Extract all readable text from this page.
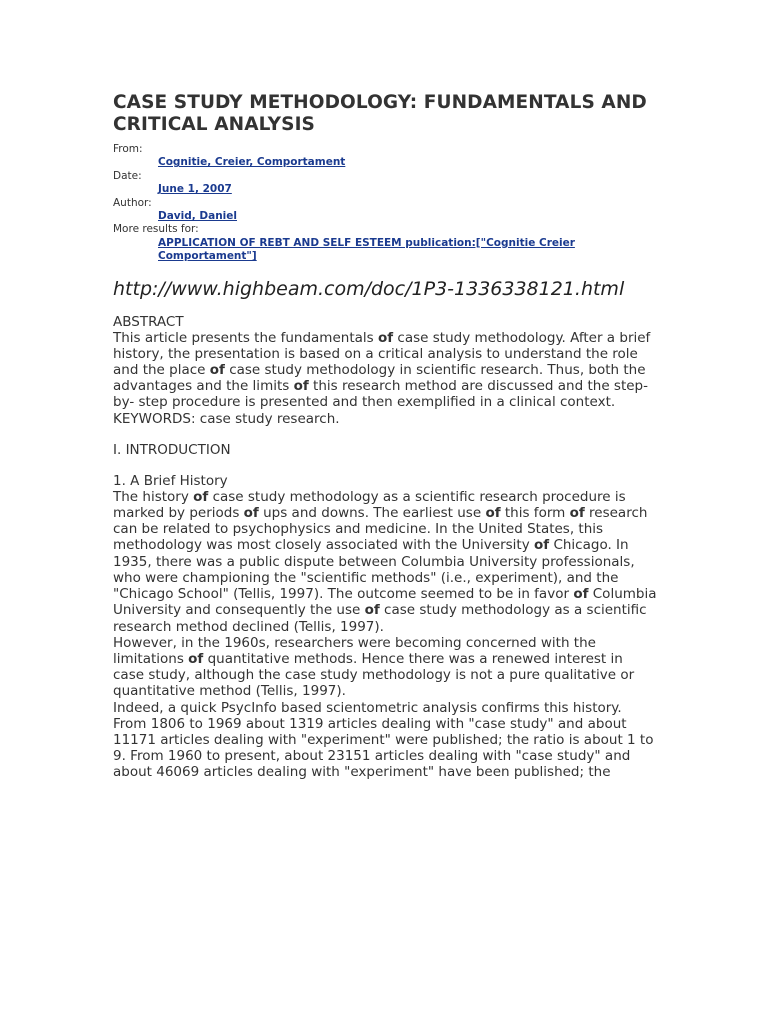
CASE STUDY METHODOLOGY: FUNDAMENTALS AND CRITICAL ANALYSIS
From:
Cognitie, Creier, Comportament
Date:
June 1, 2007
Author:
David, Daniel
More results for:
APPLICATION OF REBT AND SELF ESTEEM publication:["Cognitie Creier Comportament"]
http://www.highbeam.com/doc/1P3-1336338121.html
ABSTRACT

This article presents the fundamentals of case study methodology. After a brief history, the presentation is based on a critical analysis to understand the role and the place of case study methodology in scientific research. Thus, both the advantages and the limits of this research method are discussed and the step-by- step procedure is presented and then exemplified in a clinical context.

KEYWORDS: case study research.

I. INTRODUCTION
1. A Brief History

The history of case study methodology as a scientific research procedure is marked by periods of ups and downs. The earliest use of this form of research can be related to psychophysics and medicine. In the United States, this methodology was most closely associated with the University of Chicago. In 1935, there was a public dispute between Columbia University professionals, who were championing the "scientific methods" (i.e., experiment), and the "Chicago School" (Tellis, 1997). The outcome seemed to be in favor of Columbia University and consequently the use of case study methodology as a scientific research method declined (Tellis, 1997).

However, in the 1960s, researchers were becoming concerned with the limitations of quantitative methods. Hence there was a renewed interest in case study, although the case study methodology is not a pure qualitative or quantitative method (Tellis, 1997).

Indeed, a quick PsycInfo based scientometric analysis confirms this history. From 1806 to 1969 about 1319 articles dealing with "case study" and about 11171 articles dealing with "experiment" were published; the ratio is about 1 to 9. From 1960 to present, about 23151 articles dealing with "case study" and about 46069 articles dealing with "experiment" have been published; the
